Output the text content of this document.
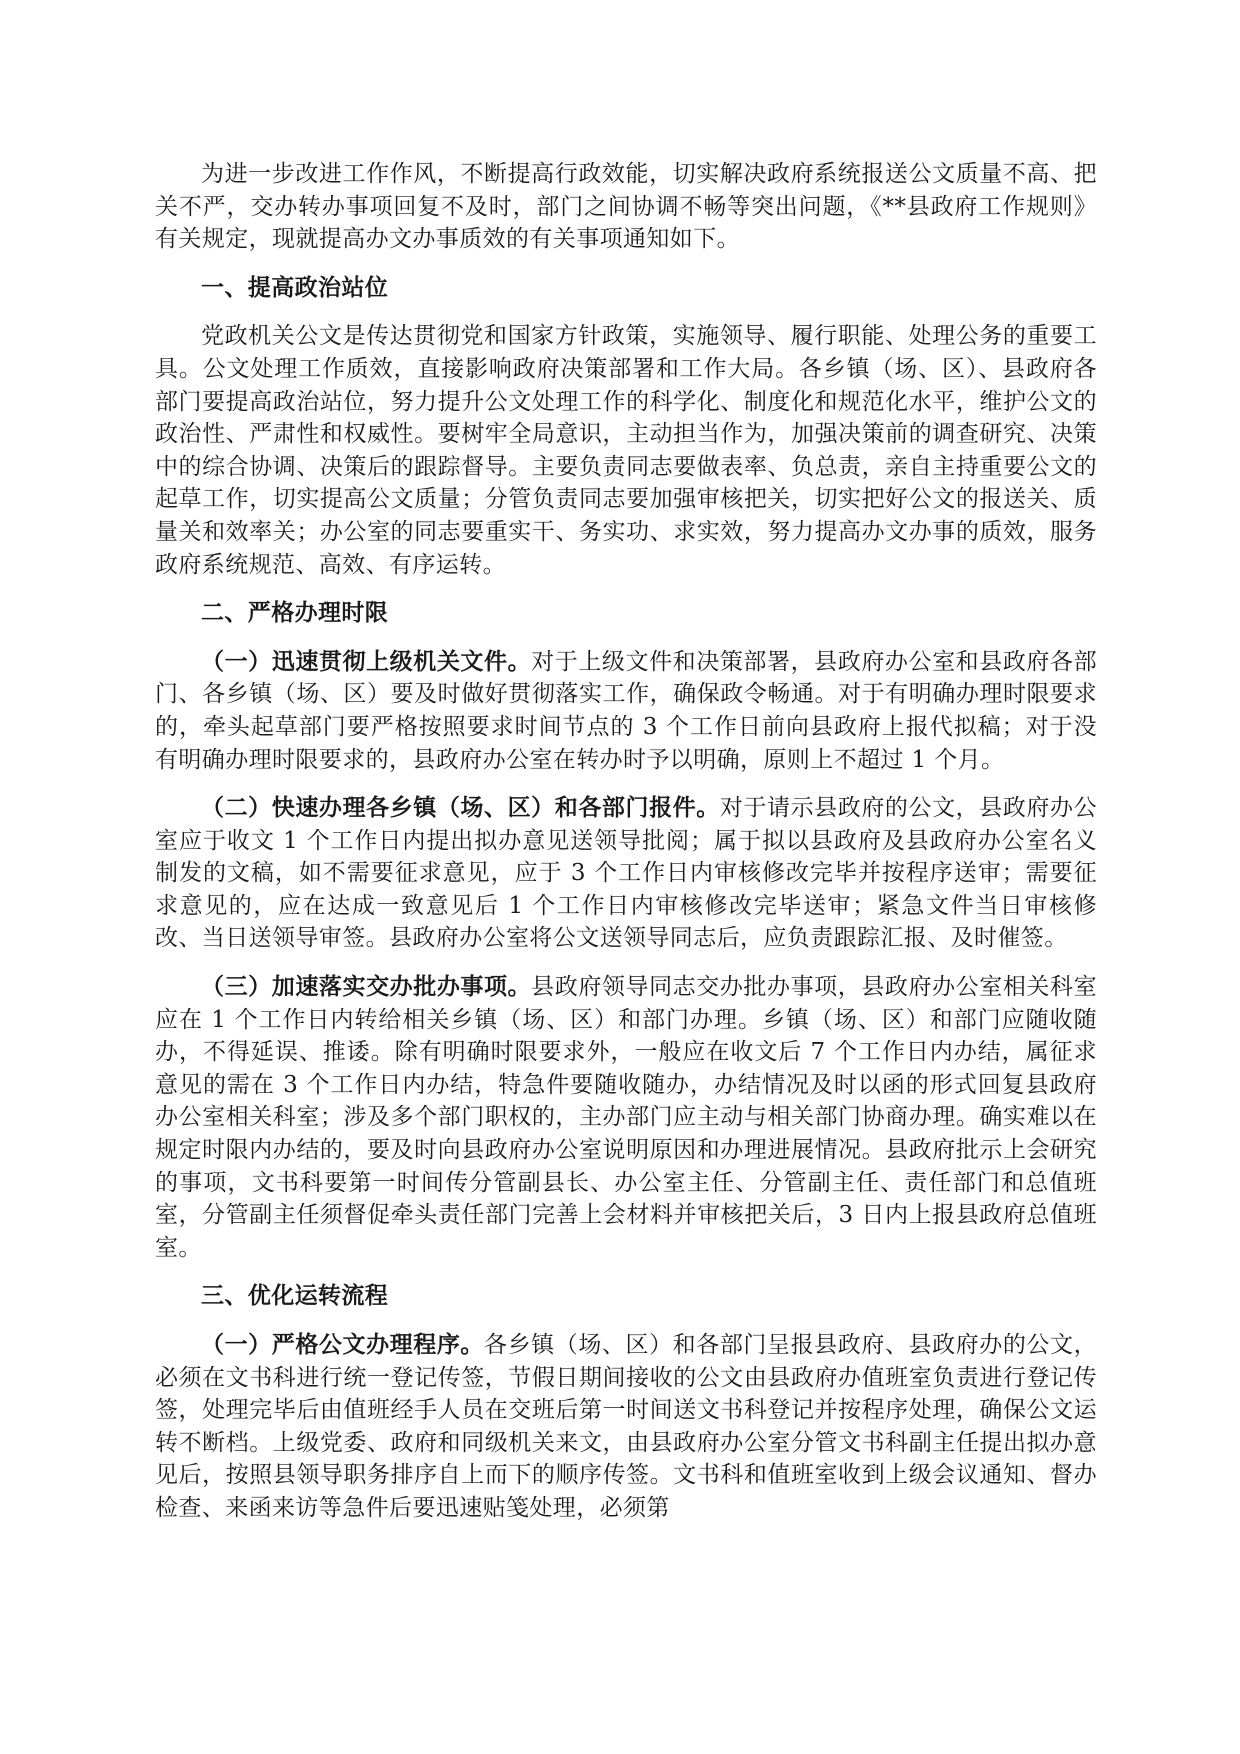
为进一步改进工作作风，不断提高行政效能，切实解决政府系统报送公文质量不高、把关不严，交办转办事项回复不及时，部门之间协调不畅等突出问题，《**县政府工作规则》有关规定，现就提高办文办事质效的有关事项通知如下。

一、提高政治站位

党政机关公文是传达贯彻党和国家方针政策，实施领导、履行职能、处理公务的重要工具。公文处理工作质效，直接影响政府决策部署和工作大局。各乡镇（场、区）、县政府各部门要提高政治站位，努力提升公文处理工作的科学化、制度化和规范化水平，维护公文的政治性、严肃性和权威性。要树牢全局意识，主动担当作为，加强决策前的调查研究、决策中的综合协调、决策后的跟踪督导。主要负责同志要做表率、负总责，亲自主持重要公文的起草工作，切实提高公文质量；分管负责同志要加强审核把关，切实把好公文的报送关、质量关和效率关；办公室的同志要重实干、务实功、求实效，努力提高办文办事的质效，服务政府系统规范、高效、有序运转。

二、严格办理时限

（一）迅速贯彻上级机关文件。对于上级文件和决策部署，县政府办公室和县政府各部门、各乡镇（场、区）要及时做好贯彻落实工作，确保政令畅通。对于有明确办理时限要求的，牵头起草部门要严格按照要求时间节点的 3 个工作日前向县政府上报代拟稿；对于没有明确办理时限要求的，县政府办公室在转办时予以明确，原则上不超过 1 个月。

（二）快速办理各乡镇（场、区）和各部门报件。对于请示县政府的公文，县政府办公室应于收文 1 个工作日内提出拟办意见送领导批阅；属于拟以县政府及县政府办公室名义制发的文稿，如不需要征求意见，应于 3 个工作日内审核修改完毕并按程序送审；需要征求意见的，应在达成一致意见后 1 个工作日内审核修改完毕送审；紧急文件当日审核修改、当日送领导审签。县政府办公室将公文送领导同志后，应负责跟踪汇报、及时催签。

（三）加速落实交办批办事项。县政府领导同志交办批办事项，县政府办公室相关科室应在 1 个工作日内转给相关乡镇（场、区）和部门办理。乡镇（场、区）和部门应随收随办，不得延误、推诿。除有明确时限要求外，一般应在收文后 7 个工作日内办结，属征求意见的需在 3 个工作日内办结，特急件要随收随办，办结情况及时以函的形式回复县政府办公室相关科室；涉及多个部门职权的，主办部门应主动与相关部门协商办理。确实难以在规定时限内办结的，要及时向县政府办公室说明原因和办理进展情况。县政府批示上会研究的事项，文书科要第一时间传分管副县长、办公室主任、分管副主任、责任部门和总值班室，分管副主任须督促牵头责任部门完善上会材料并审核把关后，3 日内上报县政府总值班室。

三、优化运转流程

（一）严格公文办理程序。各乡镇（场、区）和各部门呈报县政府、县政府办的公文，必须在文书科进行统一登记传签，节假日期间接收的公文由县政府办值班室负责进行登记传签，处理完毕后由值班经手人员在交班后第一时间送文书科登记并按程序处理，确保公文运转不断档。上级党委、政府和同级机关来文，由县政府办公室分管文书科副主任提出拟办意见后，按照县领导职务排序自上而下的顺序传签。文书科和值班室收到上级会议通知、督办检查、来函来访等急件后要迅速贴笺处理，必须第
